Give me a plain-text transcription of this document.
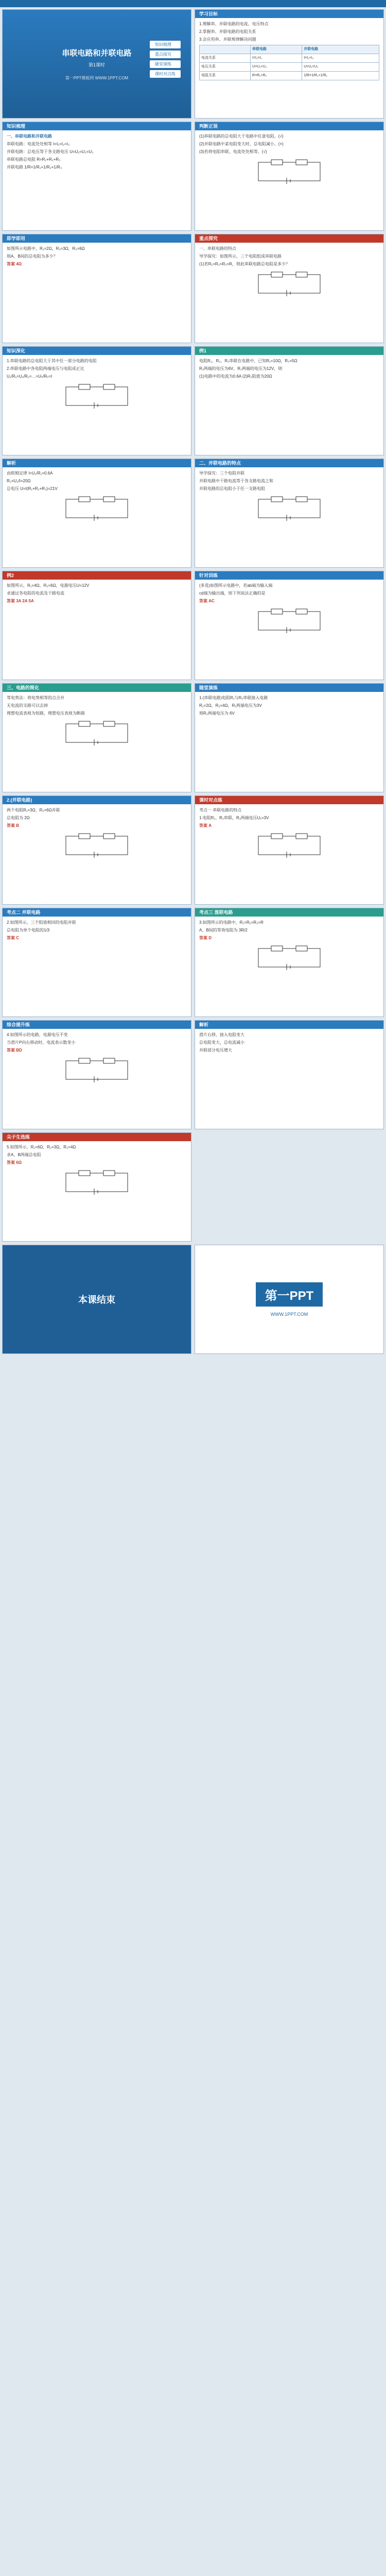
串联电路和并联电路
第1课时
第一PPT模板网 WWW.1PPT.COM
知识梳理
重点探究
随堂演练
课时对点练
学习目标

1.理解串、并联电路的电流、电压特点

2.掌握串、并联电路的电阻关系

3.会应用串、并联规律解决问题

	串联电路	并联电路
电流关系	I=I₁=I₂	I=I₁+I₂
电压关系	U=U₁+U₂	U=U₁=U₂
电阻关系	R=R₁+R₂	1/R=1/R₁+1/R₂
知识梳理

一、串联电路和并联电路

串联电路：电流处处相等 I=I₁=I₂=I₃

并联电路：总电压等于各支路电压 U=U₁=U₂=U₃

串联电路总电阻 R=R₁+R₂+R₃

并联电路 1/R=1/R₁+1/R₂+1/R₃

判断正误

(1)串联电路的总电阻大于电路中任意电阻。(√)

(2)并联电路中某电阻变大时，总电阻减小。(×)

(3)若将电阻串联，电流处处相等。(√)

即学即用

如图所示电路中，R₁=2Ω，R₂=3Ω，R₃=6Ω

则A、B间的总电阻为多少？

答案 4Ω

重点探究

一、串联电路的特点

导学探究：如图所示，三个电阻组成串联电路

(1)若R₁=R₂=R₃=R，则此串联电路总电阻是多少？

知识深化

1.串联电路的总电阻大于其中任一部分电路的电阻

2.串联电路中各电阻两端电压与电阻成正比

U₁/R₁=U₂/R₂=…=Uₙ/Rₙ=I

例1

电阻R₁、R₂、R₃串联在电路中，已知R₁=10Ω，R₃=5Ω

R₁两端的电压为6V，R₂两端的电压为12V，则

(1)电路中的电流为0.6A (2)R₂阻值为20Ω

解析

由欧姆定律 I=U₁/R₁=0.6A

R₂=U₂/I=20Ω

总电压 U=I(R₁+R₂+R₃)=21V

二、并联电路的特点

导学探究：三个电阻并联

并联电路中干路电流等于各支路电流之和

并联电路的总电阻小于任一支路电阻

例2

如图所示，R₁=4Ω，R₂=6Ω，电源电压U=12V

求通过各电阻的电流及干路电流

答案 3A 2A 5A

针对训练

(多选)如图所示电路中，若ab端为输入端

cd端为输出端，则下列说法正确的是

答案 AC

三、电路的简化

等电势法：将电势相等的点合并

无电流的支路可以去掉

理想电流表视为短路，理想电压表视为断路

随堂演练

1.(串联电路)电阻R₁与R₂串联接入电路

R₁=2Ω，R₂=4Ω，R₁两端电压为3V

则R₂两端电压为 6V

2.(并联电路)

两个电阻R₁=3Ω，R₂=6Ω并联

总电阻为 2Ω

答案 B

课时对点练

考点一 串联电路的特点

1.电阻R₁、R₂串联，R₁两端电压U₁=3V

答案 A

考点二 并联电路

2.如图所示，三个阻值相同的电阻并联

总电阻为单个电阻的1/3

答案 C

考点三 混联电路

3.如图所示的电路中，R₁=R₂=R₃=R

A、B间的等效电阻为 3R/2

答案 D

综合提升练

4.如图所示的电路，电源电压不变

当滑片P向右移动时，电流表示数变小

答案 BD

解析

滑片右移，接入电阻变大

总电阻变大，总电流减小

并联部分电压增大

尖子生选练

5.如图所示，R₁=6Ω，R₂=3Ω，R₃=4Ω

求A、B两端总电阻

答案 6Ω

本课结束	第一PPT
WWW.1PPT.COM
